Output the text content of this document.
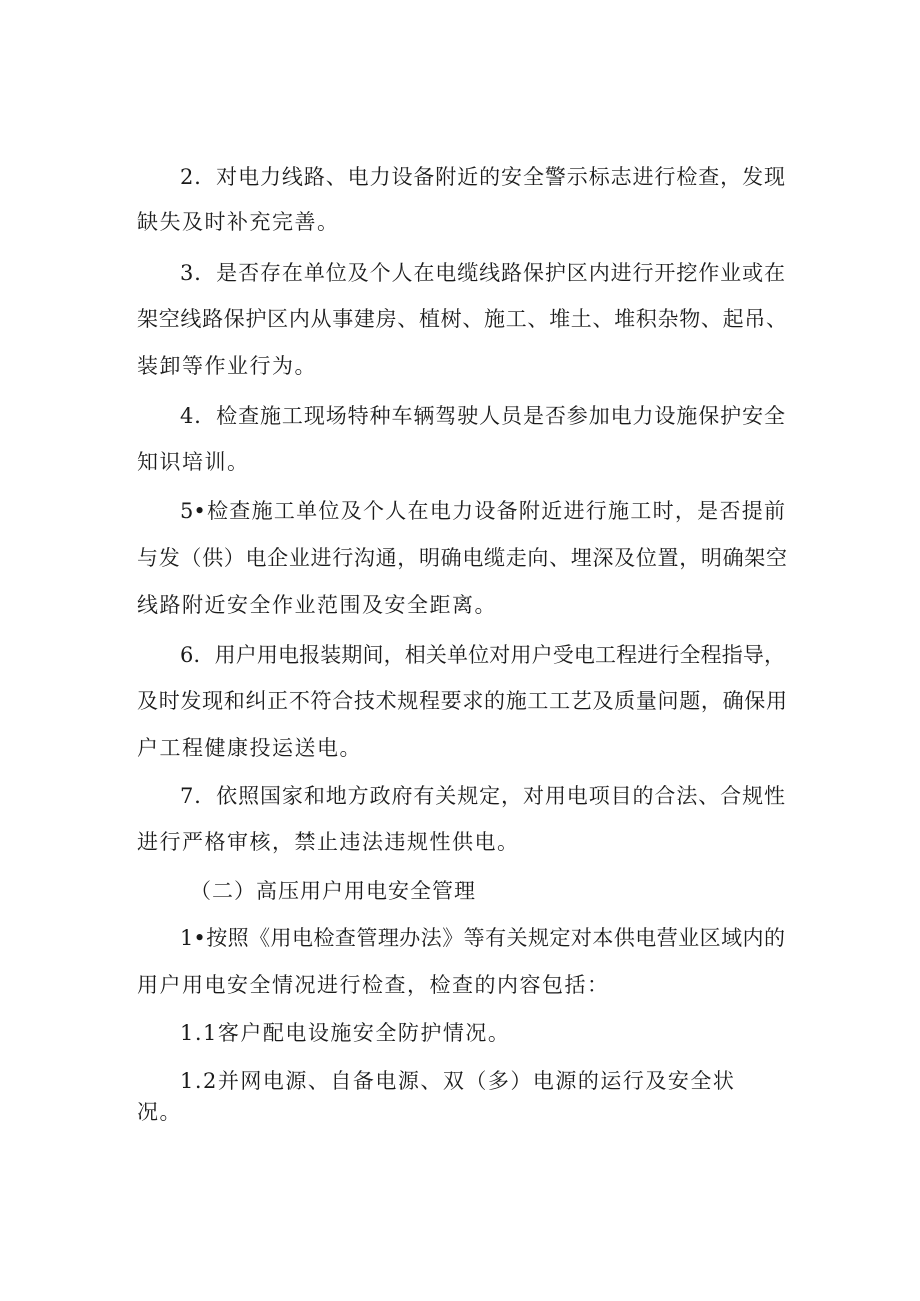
2．对电力线路、电力设备附近的安全警示标志进行检查，发现
缺失及时补充完善。
3．是否存在单位及个人在电缆线路保护区内进行开挖作业或在
架空线路保护区内从事建房、植树、施工、堆土、堆积杂物、起吊、
装卸等作业行为。
4．检查施工现场特种车辆驾驶人员是否参加电力设施保护安全
知识培训。
5•检查施工单位及个人在电力设备附近进行施工时，是否提前
与发（供）电企业进行沟通，明确电缆走向、埋深及位置，明确架空
线路附近安全作业范围及安全距离。
6．用户用电报装期间，相关单位对用户受电工程进行全程指导，
及时发现和纠正不符合技术规程要求的施工工艺及质量问题，确保用
户工程健康投运送电。
7．依照国家和地方政府有关规定，对用电项目的合法、合规性
进行严格审核，禁止违法违规性供电。
（二）高压用户用电安全管理
1•按照《用电检查管理办法》等有关规定对本供电营业区域内的
用户用电安全情况进行检查，检查的内容包括：
1.1客户配电设施安全防护情况。
1.2并网电源、自备电源、双（多）电源的运行及安全状
况。
